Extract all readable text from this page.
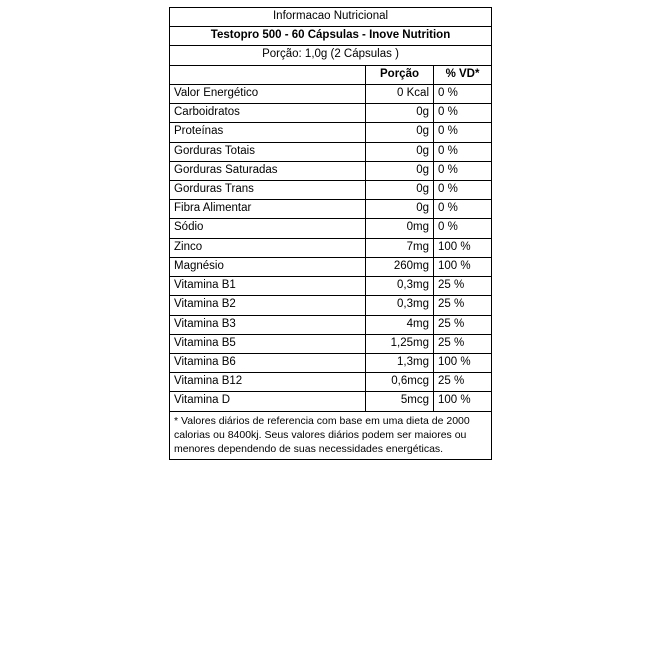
Informacao Nutricional		
Testopro 500 - 60 Cápsulas - Inove Nutrition		
Porção: 1,0g (2 Cápsulas )		
	Porção	% VD*
Valor Energético	0 Kcal	0 %
Carboidratos	0g	0 %
Proteínas	0g	0 %
Gorduras Totais	0g	0 %
Gorduras Saturadas	0g	0 %
Gorduras Trans	0g	0 %
Fibra Alimentar	0g	0 %
Sódio	0mg	0 %
Zinco	7mg	100 %
Magnésio	260mg	100 %
Vitamina B1	0,3mg	25 %
Vitamina B2	0,3mg	25 %
Vitamina B3	4mg	25 %
Vitamina B5	1,25mg	25 %
Vitamina B6	1,3mg	100 %
Vitamina B12	0,6mcg	25 %
Vitamina D	5mcg	100 %
* Valores diários de referencia com base em uma dieta de 2000 calorias ou 8400kj. Seus valores diários podem ser maiores ou menores dependendo de suas necessidades energéticas.		
